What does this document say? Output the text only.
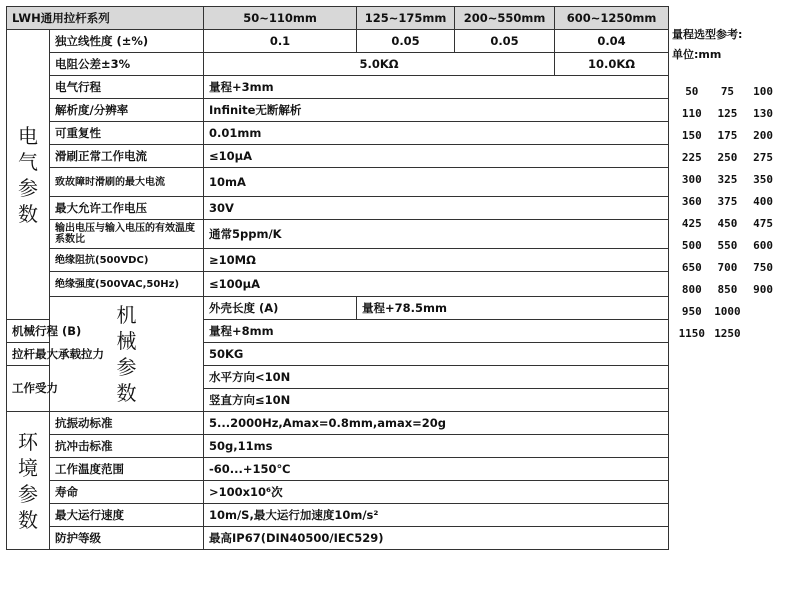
LWH通用拉杆系列		50~110mm	125~175mm	200~550mm	600~1250mm
电
气
参
数	独立线性度 (±%)	0.1	0.05	0.05	0.04
	电阻公差±3%	5.0KΩ			10.0KΩ
	电气行程	量程+3mm			
	解析度/分辨率	Infinite无断解析			
	可重复性	0.01mm			
	滑刷正常工作电流	≤10μA			
	致故障时滑刷的最大电流	10mA			
	最大允许工作电压	30V			
	输出电压与输入电压的有效温度系数比	通常5ppm/K			
	绝缘阻抗(500VDC)	≥10MΩ			
	绝缘强度(500VAC,50Hz)	≤100μA			
	机
械
参
数	外壳长度 (A)	量程+78.5mm		
机械行程 (B)		量程+8mm			
拉杆最大承载拉力		50KG			
工作受力		水平方向<10N			
		竖直方向≤10N			
环
境
参
数	抗振动标准	5...2000Hz,Amax=0.8mm,amax=20g			
	抗冲击标准	50g,11ms			
	工作温度范围	-60...+150℃			
	寿命	>100x10⁶次			
	最大运行速度	10m/S,最大运行加速度10m/s²			
	防护等级	最高IP67(DIN40500/IEC529)			
量程选型参考:
单位:mm
50	75	100
110	125	130
150	175	200
225	250	275
300	325	350
360	375	400
425	450	475
500	550	600
650	700	750
800	850	900
950	1000
1150 1250
